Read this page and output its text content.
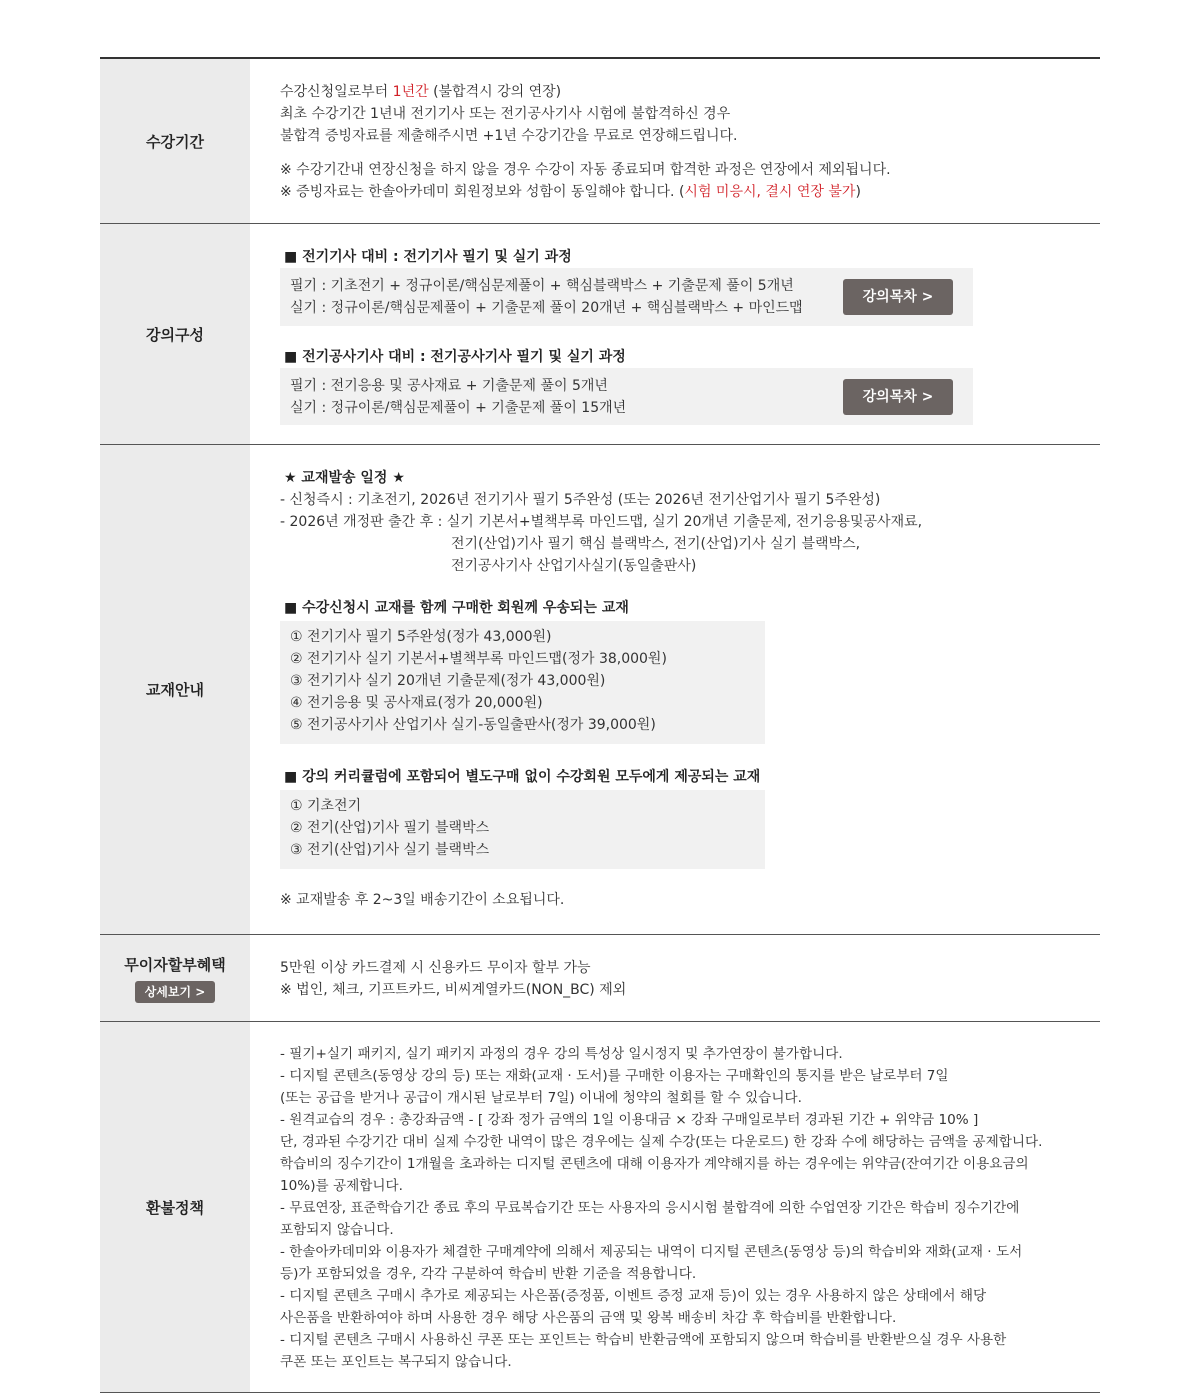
수강기간

수강신청일로부터 1년간 (불합격시 강의 연장)

최초 수강기간 1년내 전기기사 또는 전기공사기사 시험에 불합격하신 경우

불합격 증빙자료를 제출해주시면 +1년 수강기간을 무료로 연장해드립니다.

※ 수강기간내 연장신청을 하지 않을 경우 수강이 자동 종료되며 합격한 과정은 연장에서 제외됩니다.

※ 증빙자료는 한솔아카데미 회원정보와 성함이 동일해야 합니다. (시험 미응시, 결시 연장 불가)

강의구성

■ 전기기사 대비 : 전기기사 필기 및 실기 과정

필기 : 기초전기 + 정규이론/핵심문제풀이 + 핵심블랙박스 + 기출문제 풀이 5개년

실기 : 정규이론/핵심문제풀이 + 기출문제 풀이 20개년 + 핵심블랙박스 + 마인드맵

강의목차 >

■ 전기공사기사 대비 : 전기공사기사 필기 및 실기 과정

필기 : 전기응용 및 공사재료 + 기출문제 풀이 5개년

실기 : 정규이론/핵심문제풀이 + 기출문제 풀이 15개년

강의목차 >
교재안내

★ 교재발송 일정 ★

- 신청즉시 : 기초전기, 2026년 전기기사 필기 5주완성 (또는 2026년 전기산업기사 필기 5주완성)

- 2026년 개정판 출간 후 : 실기 기본서+별책부록 마인드맵, 실기 20개년 기출문제, 전기응용및공사재료,

전기(산업)기사 필기 핵심 블랙박스, 전기(산업)기사 실기 블랙박스,

전기공사기사 산업기사실기(동일출판사)

■ 수강신청시 교재를 함께 구매한 회원께 우송되는 교재

① 전기기사 필기 5주완성(정가 43,000원)

② 전기기사 실기 기본서+별책부록 마인드맵(정가 38,000원)

③ 전기기사 실기 20개년 기출문제(정가 43,000원)

④ 전기응용 및 공사재료(정가 20,000원)

⑤ 전기공사기사 산업기사 실기-동일출판사(정가 39,000원)

■ 강의 커리큘럼에 포함되어 별도구매 없이 수강회원 모두에게 제공되는 교재

① 기초전기

② 전기(산업)기사 필기 블랙박스

③ 전기(산업)기사 실기 블랙박스

※ 교재발송 후 2~3일 배송기간이 소요됩니다.

무이자할부혜택
상세보기 >

5만원 이상 카드결제 시 신용카드 무이자 할부 가능

※ 법인, 체크, 기프트카드, 비씨계열카드(NON_BC) 제외

환불정책

- 필기+실기 패키지, 실기 패키지 과정의 경우 강의 특성상 일시정지 및 추가연장이 불가합니다.

- 디지털 콘텐츠(동영상 강의 등) 또는 재화(교재 · 도서)를 구매한 이용자는 구매확인의 통지를 받은 날로부터 7일

(또는 공급을 받거나 공급이 개시된 날로부터 7일) 이내에 청약의 철회를 할 수 있습니다.

- 원격교습의 경우 : 총강좌금액 - [ 강좌 정가 금액의 1일 이용대금 × 강좌 구매일로부터 경과된 기간 + 위약금 10% ]

단, 경과된 수강기간 대비 실제 수강한 내역이 많은 경우에는 실제 수강(또는 다운로드) 한 강좌 수에 해당하는 금액을 공제합니다.

학습비의 징수기간이 1개월을 초과하는 디지털 콘텐츠에 대해 이용자가 계약해지를 하는 경우에는 위약금(잔여기간 이용요금의

10%)를 공제합니다.

- 무료연장, 표준학습기간 종료 후의 무료복습기간 또는 사용자의 응시시험 불합격에 의한 수업연장 기간은 학습비 징수기간에

포함되지 않습니다.

- 한솔아카데미와 이용자가 체결한 구매계약에 의해서 제공되는 내역이 디지털 콘텐츠(동영상 등)의 학습비와 재화(교재 · 도서

등)가 포함되었을 경우, 각각 구분하여 학습비 반환 기준을 적용합니다.

- 디지털 콘텐츠 구매시 추가로 제공되는 사은품(증정품, 이벤트 증정 교재 등)이 있는 경우 사용하지 않은 상태에서 해당

사은품을 반환하여야 하며 사용한 경우 해당 사은품의 금액 및 왕복 배송비 차감 후 학습비를 반환합니다.

- 디지털 콘텐츠 구매시 사용하신 쿠폰 또는 포인트는 학습비 반환금액에 포함되지 않으며 학습비를 반환받으실 경우 사용한

쿠폰 또는 포인트는 복구되지 않습니다.
